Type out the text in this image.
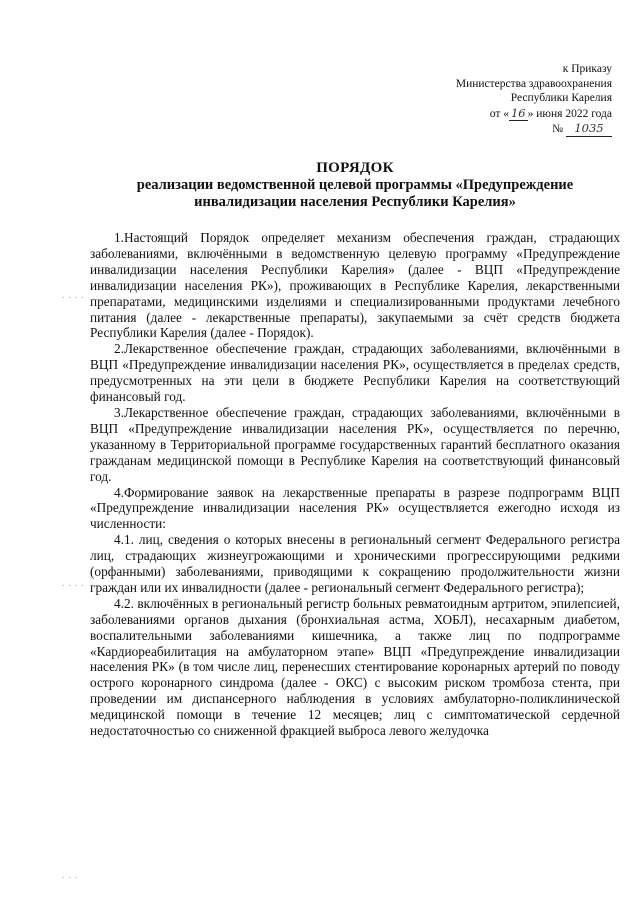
к Приказу
Министерства здравоохранения
Республики Карелия
от « 16 » июня 2022 года
№ 1035
ПОРЯДОК
реализации ведомственной целевой программы «Предупреждение
инвалидизации населения Республики Карелия»
. . . .
. . . .
. . .

1.Настоящий Порядок определяет механизм обеспечения граждан, страдающих заболеваниями, включёнными в ведомственную целевую программу «Предупреждение инвалидизации населения Республики Карелия» (далее - ВЦП «Предупреждение инвалидизации населения РК»), проживающих в Республике Карелия, лекарственными препаратами, медицинскими изделиями и специализированными продуктами лечебного питания (далее - лекарственные препараты), закупаемыми за счёт средств бюджета Республики Карелия (далее - Порядок).

2.Лекарственное обеспечение граждан, страдающих заболеваниями, включёнными в ВЦП «Предупреждение инвалидизации населения РК», осуществляется в пределах средств, предусмотренных на эти цели в бюджете Республики Карелия на соответствующий финансовый год.

3.Лекарственное обеспечение граждан, страдающих заболеваниями, включёнными в ВЦП «Предупреждение инвалидизации населения РК», осуществляется по перечню, указанному в Территориальной программе государственных гарантий бесплатного оказания гражданам медицинской помощи в Республике Карелия на соответствующий финансовый год.

4.Формирование заявок на лекарственные препараты в разрезе подпрограмм ВЦП «Предупреждение инвалидизации населения РК» осуществляется ежегодно исходя из численности:

4.1. лиц, сведения о которых внесены в региональный сегмент Федерального регистра лиц, страдающих жизнеугрожающими и хроническими прогрессирующими редкими (орфанными) заболеваниями, приводящими к сокращению продолжительности жизни граждан или их инвалидности (далее - региональный сегмент Федерального регистра);

4.2. включённых в региональный регистр больных ревматоидным артритом, эпилепсией, заболеваниями органов дыхания (бронхиальная астма, ХОБЛ), несахарным диабетом, воспалительными заболеваниями кишечника, а также лиц по подпрограмме «Кардиореабилитация на амбулаторном этапе» ВЦП «Предупреждение инвалидизации населения РК» (в том числе лиц, перенесших стентирование коронарных артерий по поводу острого коронарного синдрома (далее - ОКС) с высоким риском тромбоза стента, при проведении им диспансерного наблюдения в условиях амбулаторно-поликлинической медицинской помощи в течение 12 месяцев; лиц с симптоматической сердечной недостаточностью со сниженной фракцией выброса левого желудочка
